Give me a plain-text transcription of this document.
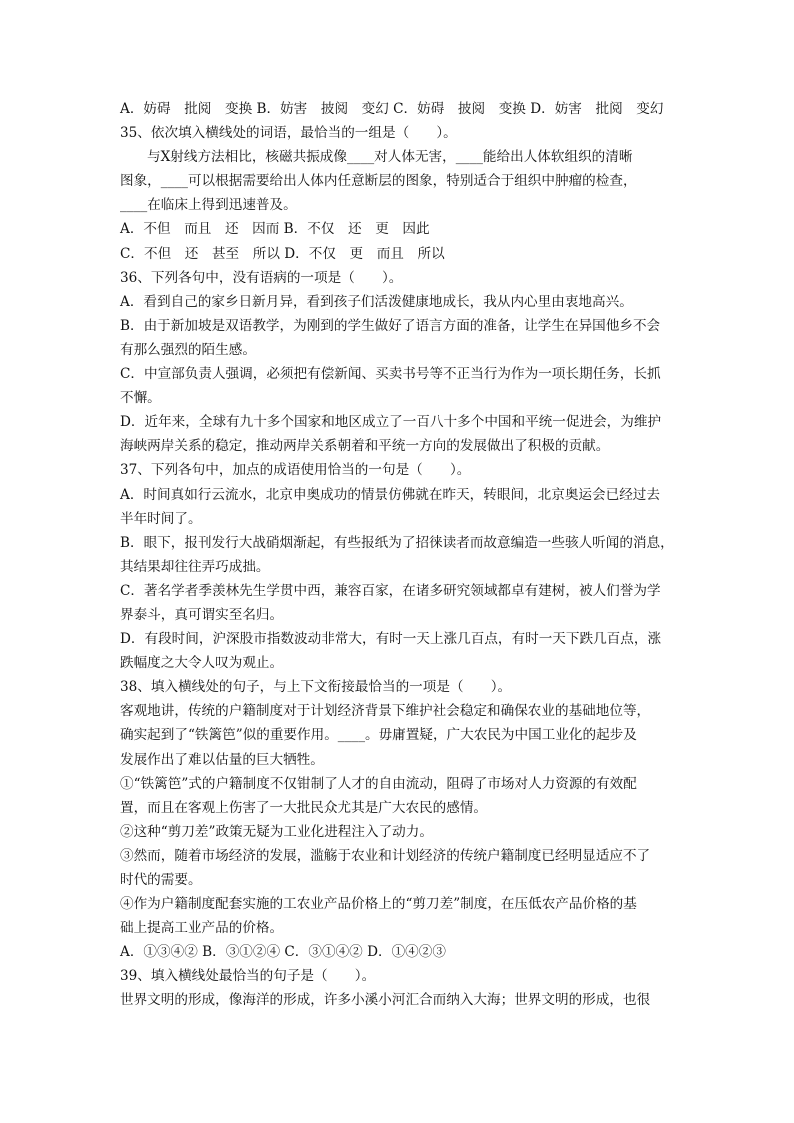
A．妨碍　批阅　变换 B．妨害　披阅　变幻 C．妨碍　披阅　变换 D．妨害　批阅　变幻
35、依次填入横线处的词语，最恰当的一组是（　　）。
与X射线方法相比，核磁共振成像____对人体无害，____能给出人体软组织的清晰
图象，____可以根据需要给出人体内任意断层的图象，特别适合于组织中肿瘤的检查，
____在临床上得到迅速普及。
A．不但　而且　还　因而 B．不仅　还　更　因此
C．不但　还　甚至　所以 D．不仅　更　而且　所以
36、下列各句中，没有语病的一项是（　　）。
A．看到自己的家乡日新月异，看到孩子们活泼健康地成长，我从内心里由衷地高兴。
B．由于新加坡是双语教学，为刚到的学生做好了语言方面的准备，让学生在异国他乡不会
有那么强烈的陌生感。
C．中宣部负责人强调，必须把有偿新闻、买卖书号等不正当行为作为一项长期任务，长抓
不懈。
D．近年来，全球有九十多个国家和地区成立了一百八十多个中国和平统一促进会，为维护
海峡两岸关系的稳定，推动两岸关系朝着和平统一方向的发展做出了积极的贡献。
37、下列各句中，加点的成语使用恰当的一句是（　　）。
A．时间真如行云流水，北京申奥成功的情景仿佛就在昨天，转眼间，北京奥运会已经过去
半年时间了。
B．眼下，报刊发行大战硝烟渐起，有些报纸为了招徕读者而故意编造一些骇人听闻的消息，
其结果却往往弄巧成拙。
C．著名学者季羡林先生学贯中西，兼容百家，在诸多研究领域都卓有建树，被人们誉为学
界泰斗，真可谓实至名归。
D．有段时间，沪深股市指数波动非常大，有时一天上涨几百点，有时一天下跌几百点，涨
跌幅度之大令人叹为观止。
38、填入横线处的句子，与上下文衔接最恰当的一项是（　　）。
客观地讲，传统的户籍制度对于计划经济背景下维护社会稳定和确保农业的基础地位等，
确实起到了“铁篱笆”似的重要作用。____。毋庸置疑，广大农民为中国工业化的起步及
发展作出了难以估量的巨大牺牲。
①“铁篱笆”式的户籍制度不仅钳制了人才的自由流动，阻碍了市场对人力资源的有效配
置，而且在客观上伤害了一大批民众尤其是广大农民的感情。
②这种“剪刀差”政策无疑为工业化进程注入了动力。
③然而，随着市场经济的发展，滥觞于农业和计划经济的传统户籍制度已经明显适应不了
时代的需要。
④作为户籍制度配套实施的工农业产品价格上的“剪刀差”制度，在压低农产品价格的基
础上提高工业产品的价格。
A．①③④② B．③①②④ C．③①④② D．①④②③
39、填入横线处最恰当的句子是（　　）。
世界文明的形成，像海洋的形成，许多小溪小河汇合而纳入大海；世界文明的形成，也很
